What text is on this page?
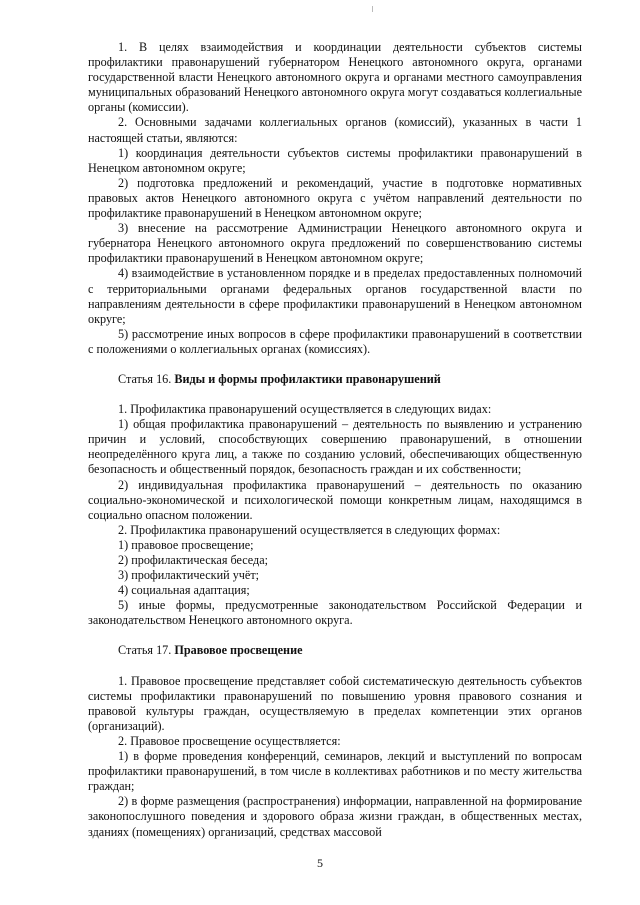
1. В целях взаимодействия и координации деятельности субъектов системы профилактики правонарушений губернатором Ненецкого автономного округа, органами государственной власти Ненецкого автономного округа и органами местного самоуправления муниципальных образований Ненецкого автономного округа могут создаваться коллегиальные органы (комиссии).

2. Основными задачами коллегиальных органов (комиссий), указанных в части 1 настоящей статьи, являются:

1) координация деятельности субъектов системы профилактики правонарушений в Ненецком автономном округе;

2) подготовка предложений и рекомендаций, участие в подготовке нормативных правовых актов Ненецкого автономного округа с учётом направлений деятельности по профилактике правонарушений в Ненецком автономном округе;

3) внесение на рассмотрение Администрации Ненецкого автономного округа и губернатора Ненецкого автономного округа предложений по совершенствованию системы профилактики правонарушений в Ненецком автономном округе;

4) взаимодействие в установленном порядке и в пределах предоставленных полномочий с территориальными органами федеральных органов государственной власти по направлениям деятельности в сфере профилактики правонарушений в Ненецком автономном округе;

5) рассмотрение иных вопросов в сфере профилактики правонарушений в соответствии с положениями о коллегиальных органах (комиссиях).

Статья 16. Виды и формы профилактики правонарушений

1. Профилактика правонарушений осуществляется в следующих видах:

1) общая профилактика правонарушений – деятельность по выявлению и устранению причин и условий, способствующих совершению правонарушений, в отношении неопределённого круга лиц, а также по созданию условий, обеспечивающих общественную безопасность и общественный порядок, безопасность граждан и их собственности;

2) индивидуальная профилактика правонарушений – деятельность по оказанию социально-экономической и психологической помощи конкретным лицам, находящимся в социально опасном положении.

2. Профилактика правонарушений осуществляется в следующих формах:

1) правовое просвещение;

2) профилактическая беседа;

3) профилактический учёт;

4) социальная адаптация;

5) иные формы, предусмотренные законодательством Российской Федерации и законодательством Ненецкого автономного округа.

Статья 17. Правовое просвещение

1. Правовое просвещение представляет собой систематическую деятельность субъектов системы профилактики правонарушений по повышению уровня правового сознания и правовой культуры граждан, осуществляемую в пределах компетенции этих органов (организаций).

2. Правовое просвещение осуществляется:

1) в форме проведения конференций, семинаров, лекций и выступлений по вопросам профилактики правонарушений, в том числе в коллективах работников и по месту жительства граждан;

2) в форме размещения (распространения) информации, направленной на формирование законопослушного поведения и здорового образа жизни граждан, в общественных местах, зданиях (помещениях) организаций, средствах массовой

5
